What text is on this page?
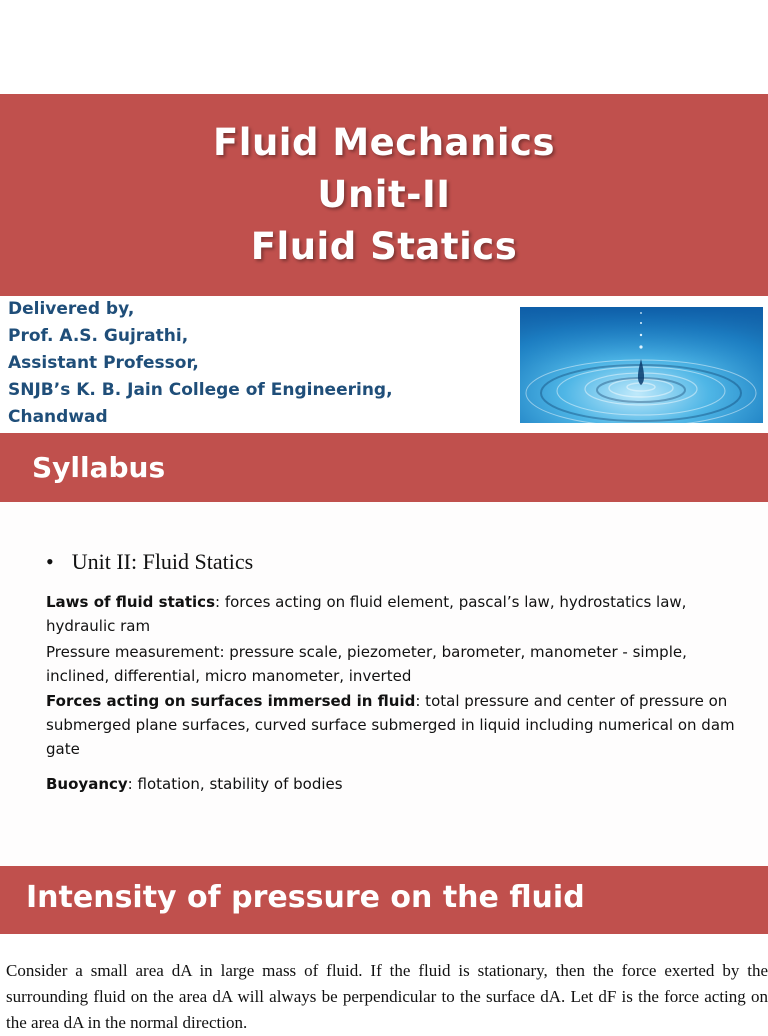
Fluid Mechanics
Unit-II
Fluid Statics
Delivered by,
Prof. A.S. Gujrathi,
Assistant Professor,
SNJB’s K. B. Jain College of Engineering,
Chandwad
Syllabus
• Unit II: Fluid Statics
Laws of fluid statics: forces acting on fluid element, pascal’s law, hydrostatics law, hydraulic ram
Pressure measurement: pressure scale, piezometer, barometer, manometer - simple, inclined, differential, micro manometer, inverted
Forces acting on surfaces immersed in fluid: total pressure and center of pressure on submerged plane surfaces, curved surface submerged in liquid including numerical on dam gate
Buoyancy: flotation, stability of bodies
Intensity of pressure on the fluid
Consider a small area dA in large mass of fluid. If the fluid is stationary, then the force exerted by the surrounding fluid on the area dA will always be perpendicular to the surface dA. Let dF is the force acting on the area dA in the normal direction.
